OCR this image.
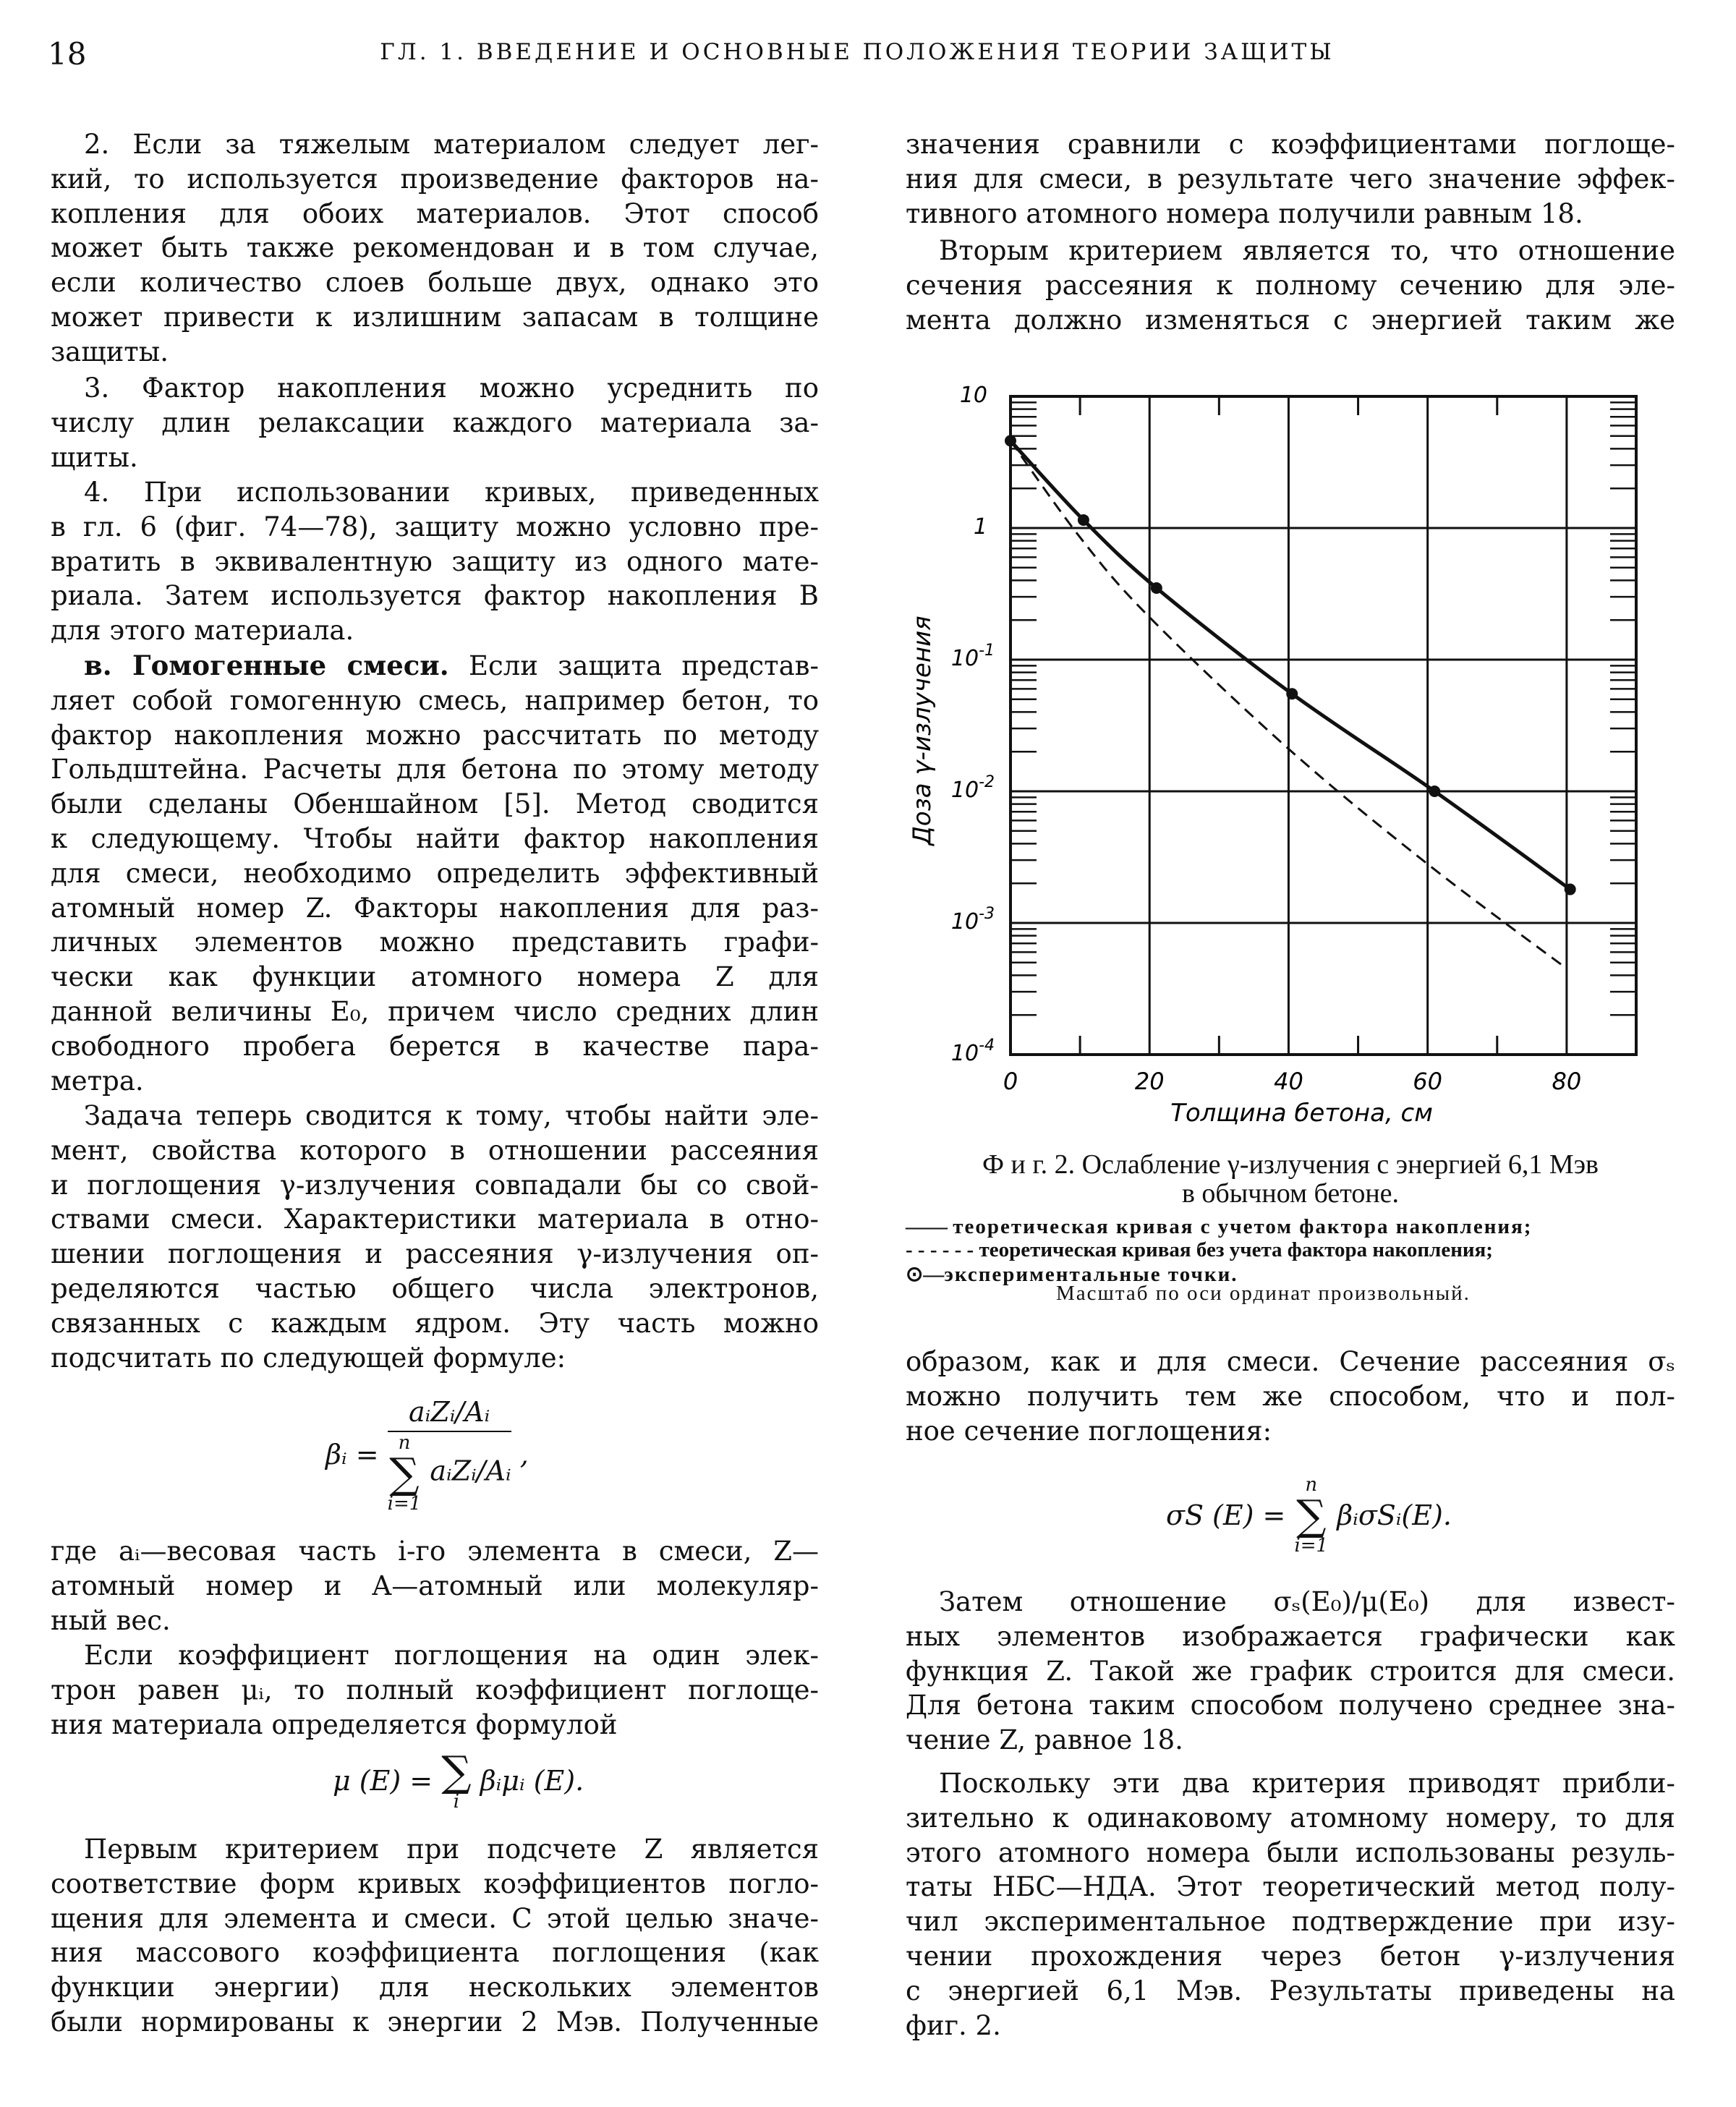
18	ГЛ. 1. ВВЕДЕНИЕ И ОСНОВНЫЕ ПОЛОЖЕНИЯ ТЕОРИИ ЗАЩИТЫ
2. Если за тяжелым материалом следует лег-
кий, то используется произведение факторов на-
копления для обоих материалов. Этот способ
может быть также рекомендован и в том случае,
если количество слоев больше двух, однако это
может привести к излишним запасам в толщине
защиты.
3. Фактор накопления можно усреднить по
числу длин релаксации каждого материала за-
щиты.
4. При использовании кривых, приведенных
в гл. 6 (фиг. 74—78), защиту можно условно пре-
вратить в эквивалентную защиту из одного мате-
риала. Затем используется фактор накопления B
для этого материала.
в. Гомогенные смеси. Если защита представ-
ляет собой гомогенную смесь, например бетон, то
фактор накопления можно рассчитать по методу
Гольдштейна. Расчеты для бетона по этому методу
были сделаны Обеншайном [5]. Метод сводится
к следующему. Чтобы найти фактор накопления
для смеси, необходимо определить эффективный
атомный номер Z. Факторы накопления для раз-
личных элементов можно представить графи-
чески как функции атомного номера Z для
данной величины E₀, причем число средних длин
свободного пробега берется в качестве пара-
метра.
Задача теперь сводится к тому, чтобы найти эле-
мент, свойства которого в отношении рассеяния
и поглощения γ-излучения совпадали бы со свой-
ствами смеси. Характеристики материала в отно-
шении поглощения и рассеяния γ-излучения оп-
ределяются частью общего числа электронов,
связанных с каждым ядром. Эту часть можно
подсчитать по следующей формуле:
βᵢ = aᵢZᵢ/Aᵢ
n
∑
i=1
aᵢZᵢ/Aᵢ ,
где aᵢ—весовая часть i-го элемента в смеси, Z—
атомный номер и A—атомный или молекуляр-
ный вес.
Если коэффициент поглощения на один элек-
трон равен μᵢ, то полный коэффициент поглоще-
ния материала определяется формулой
μ (E) = ∑
i
βᵢμᵢ (E).
Первым критерием при подсчете Z является
соответствие форм кривых коэффициентов погло-
щения для элемента и смеси. С этой целью значе-
ния массового коэффициента поглощения (как
функции энергии) для нескольких элементов
были нормированы к энергии 2 Мэв. Полученные
значения сравнили с коэффициентами поглоще-
ния для смеси, в результате чего значение эффек-
тивного атомного номера получили равным 18.
Вторым критерием является то, что отношение
сечения рассеяния к полному сечению для эле-
мента должно изменяться с энергией таким же
образом, как и для смеси. Сечение рассеяния σₛ
можно получить тем же способом, что и пол-
ное сечение поглощения:
σS (E) =
n
∑
i=1
βᵢσSᵢ(E).
Затем отношение σₛ(E₀)/μ(E₀) для извест-
ных элементов изображается графически как
функция Z. Такой же график строится для смеси.
Для бетона таким способом получено среднее зна-
чение Z, равное 18.
Поскольку эти два критерия приводят прибли-
зительно к одинаковому атомному номеру, то для
этого атомного номера были использованы резуль-
таты НБС—НДА. Этот теоретический метод полу-
чил экспериментальное подтверждение при изу-
чении прохождения через бетон γ-излучения
с энергией 6,1 Мэв. Результаты приведены на
фиг. 2.
0	20	40	60	80
10
1
$10^{-1}$
$10^{-2}$
$10^{-3}$
$10^{-4}$
Толщина бетона, см
Доза γ-излучения
Ф и г. 2. Ослабление γ-излучения с энергией 6,1 Мэв
в обычном бетоне.
—— теоретическая кривая с учетом фактора накопления;
- - - - - - теоретическая кривая без учета фактора накопления;
⊙—экспериментальные точки.
Масштаб по оси ординат произвольный.
